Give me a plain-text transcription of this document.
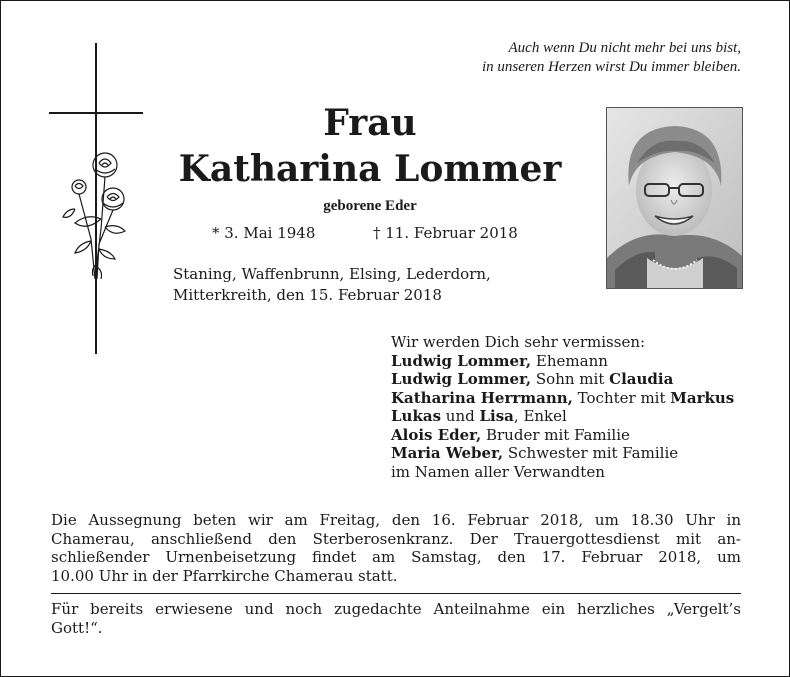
Auch wenn Du nicht mehr bei uns bist,
in unseren Herzen wirst Du immer bleiben.
Frau
Katharina Lommer
geborene Eder
* 3. Mai 1948	† 11. Februar 2018
Staning, Waffenbrunn, Elsing, Lederdorn,
Mitterkreith, den 15. Februar 2018
Wir werden Dich sehr vermissen:
Ludwig Lommer, Ehemann
Ludwig Lommer, Sohn mit Claudia
Katharina Herrmann, Tochter mit Markus
Lukas und Lisa, Enkel
Alois Eder, Bruder mit Familie
Maria Weber, Schwester mit Familie
im Namen aller Verwandten
Die Aussegnung beten wir am Freitag, den 16. Februar 2018, um 18.30 Uhr in
Chamerau, anschließend den Sterberosenkranz. Der Trauergottesdienst mit an-
schließender Urnenbeisetzung findet am Samstag, den 17. Februar 2018, um
10.00 Uhr in der Pfarrkirche Chamerau statt.
Für bereits erwiesene und noch zugedachte Anteilnahme ein herzliches „Vergelt’s
Gott!“.
